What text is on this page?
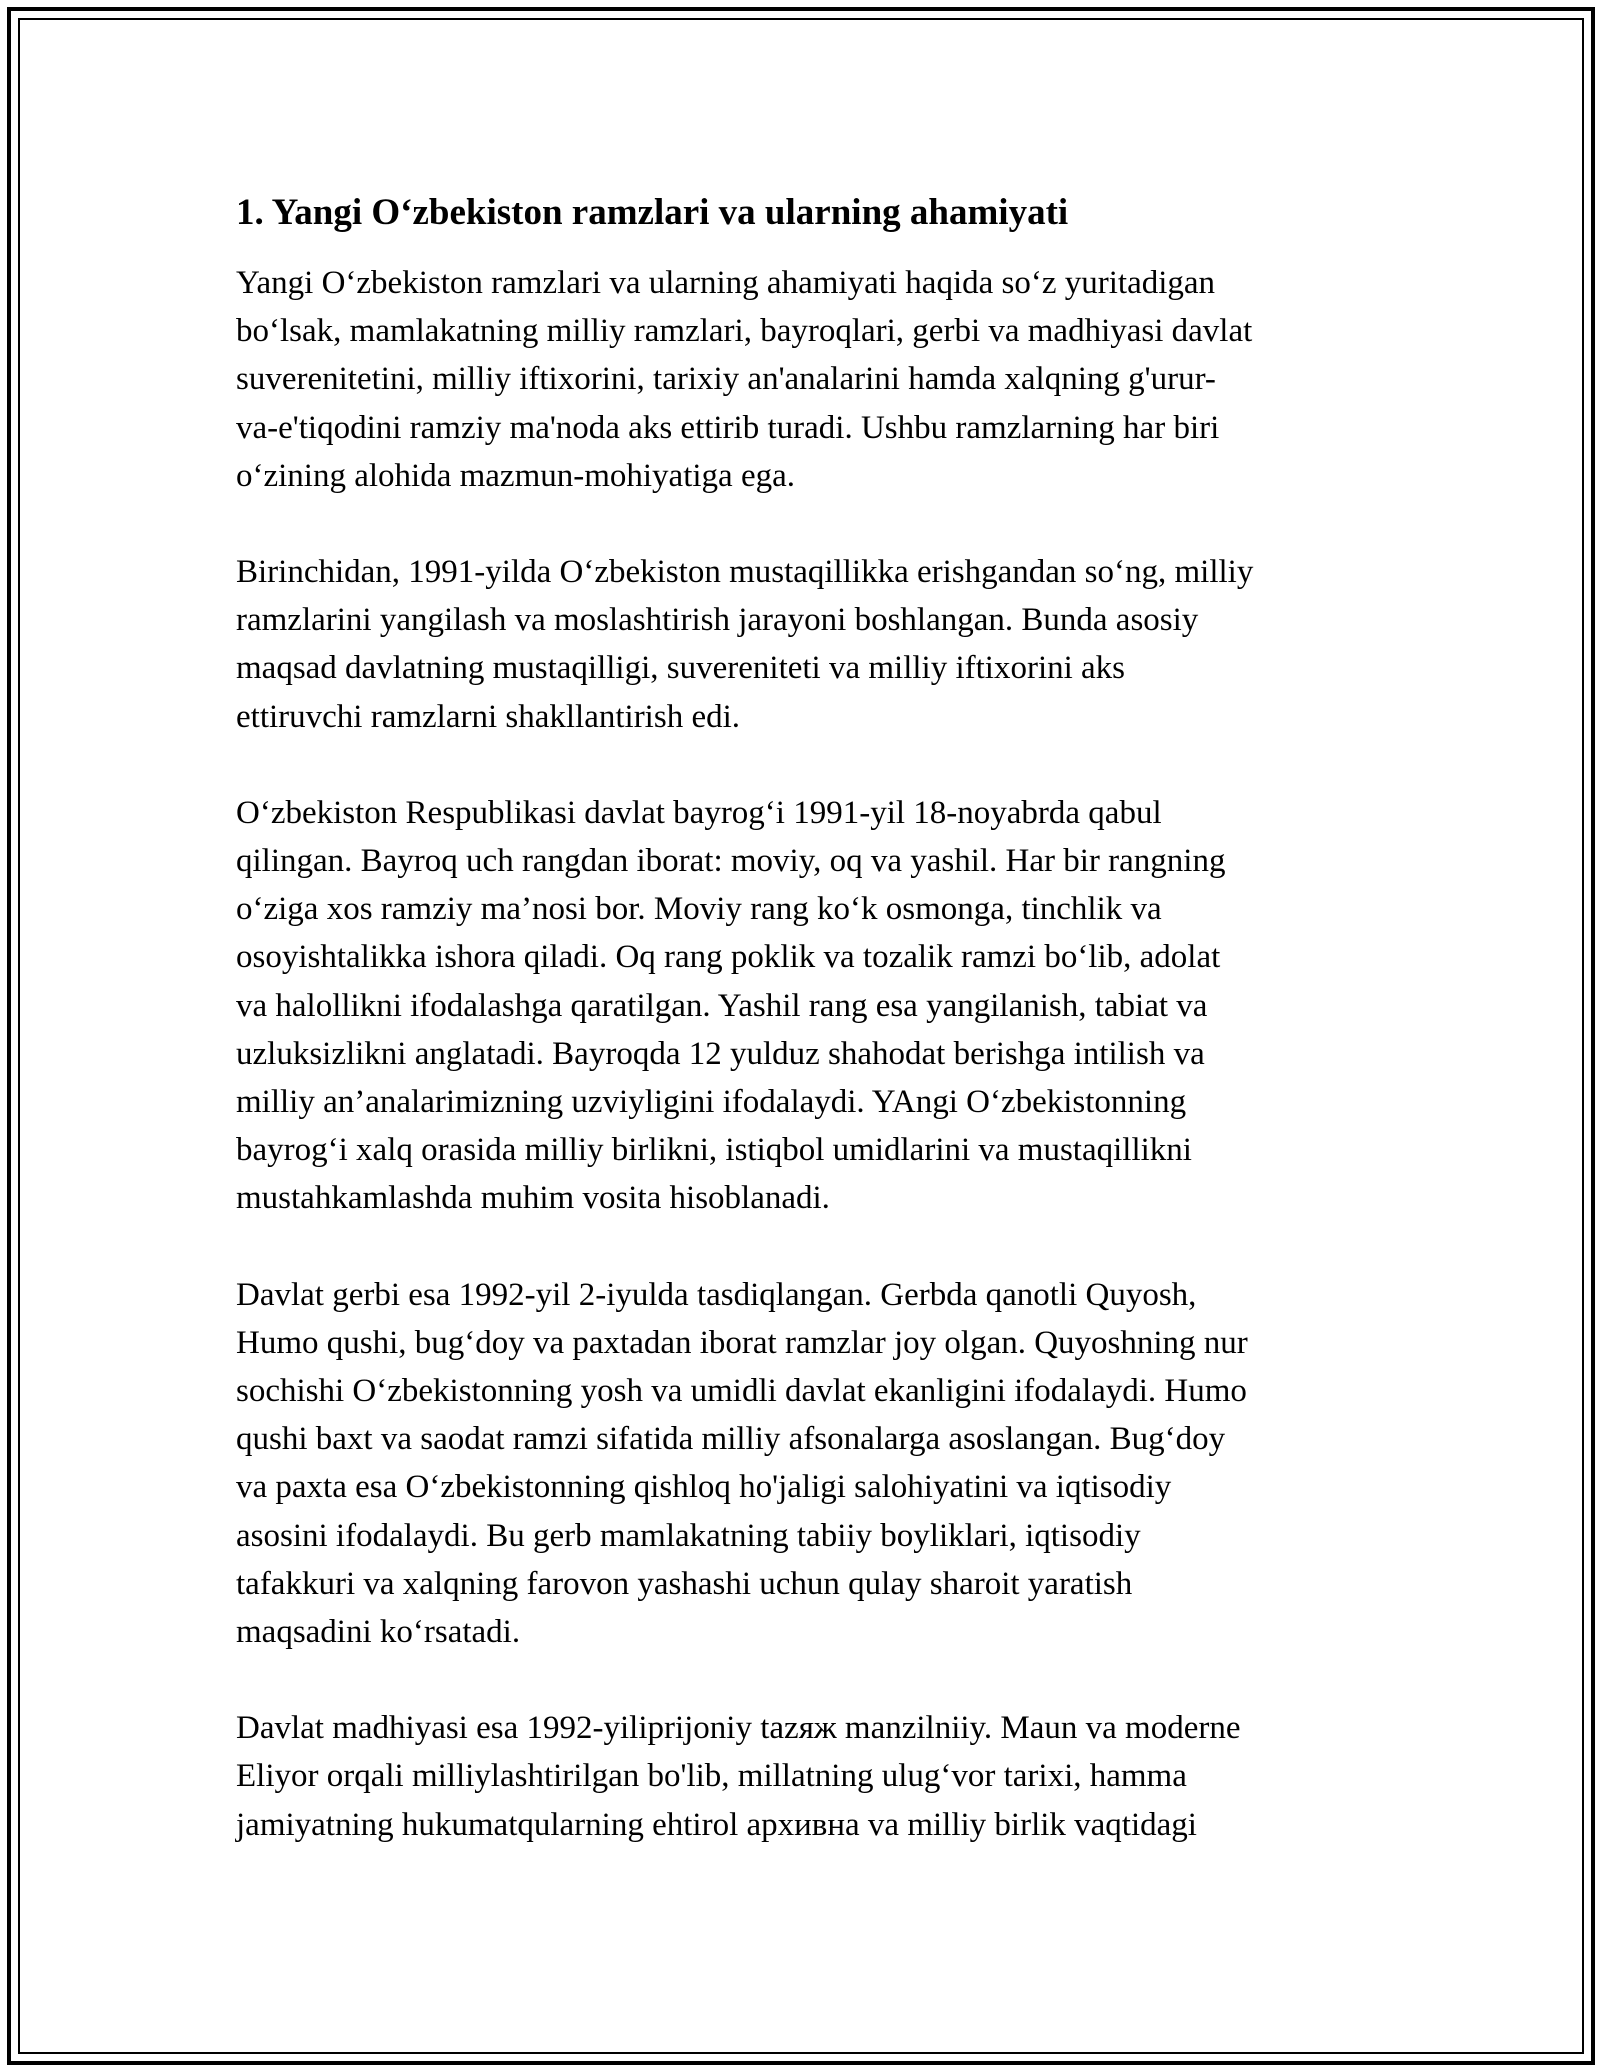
1. Yangi O‘zbekiston ramzlari va ularning ahamiyati
Yangi O‘zbekiston ramzlari va ularning ahamiyati haqida so‘z yuritadigan
bo‘lsak, mamlakatning milliy ramzlari, bayroqlari, gerbi va madhiyasi davlat
suverenitetini, milliy iftixorini, tarixiy an'analarini hamda xalqning g'urur-
va-e'tiqodini ramziy ma'noda aks ettirib turadi. Ushbu ramzlarning har biri
o‘zining alohida mazmun-mohiyatiga ega.
Birinchidan, 1991-yilda O‘zbekiston mustaqillikka erishgandan so‘ng, milliy
ramzlarini yangilash va moslashtirish jarayoni boshlangan. Bunda asosiy
maqsad davlatning mustaqilligi, suvereniteti va milliy iftixorini aks
ettiruvchi ramzlarni shakllantirish edi.
O‘zbekiston Respublikasi davlat bayrog‘i 1991-yil 18-noyabrda qabul
qilingan. Bayroq uch rangdan iborat: moviy, oq va yashil. Har bir rangning
o‘ziga xos ramziy ma’nosi bor. Moviy rang ko‘k osmonga, tinchlik va
osoyishtalikka ishora qiladi. Oq rang poklik va tozalik ramzi bo‘lib, adolat
va halollikni ifodalashga qaratilgan. Yashil rang esa yangilanish, tabiat va
uzluksizlikni anglatadi. Bayroqda 12 yulduz shahodat berishga intilish va
milliy an’analarimizning uzviyligini ifodalaydi. YAngi O‘zbekistonning
bayrog‘i xalq orasida milliy birlikni, istiqbol umidlarini va mustaqillikni
mustahkamlashda muhim vosita hisoblanadi.
Davlat gerbi esa 1992-yil 2-iyulda tasdiqlangan. Gerbda qanotli Quyosh,
Humo qushi, bug‘doy va paxtadan iborat ramzlar joy olgan. Quyoshning nur
sochishi O‘zbekistonning yosh va umidli davlat ekanligini ifodalaydi. Humo
qushi baxt va saodat ramzi sifatida milliy afsonalarga asoslangan. Bug‘doy
va paxta esa O‘zbekistonning qishloq ho'jaligi salohiyatini va iqtisodiy
asosini ifodalaydi. Bu gerb mamlakatning tabiiy boyliklari, iqtisodiy
tafakkuri va xalqning farovon yashashi uchun qulay sharoit yaratish
maqsadini ko‘rsatadi.
Davlat madhiyasi esa 1992-yiliprijoniy tazяж manzilniiy. Maun va moderne
Eliyor orqali milliylashtirilgan bo'lib, millatning ulug‘vor tarixi, hamma
jamiyatning hukumatqularning ehtirol архивна va milliy birlik vaqtidagi
